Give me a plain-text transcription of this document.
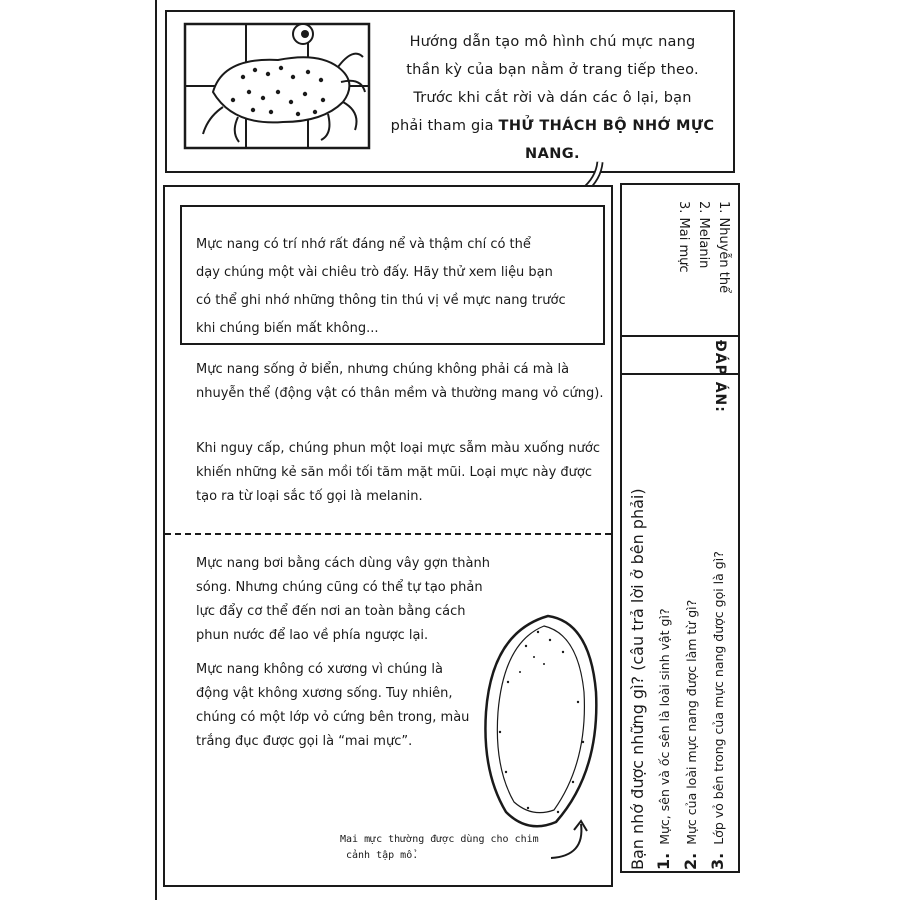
Hướng dẫn tạo mô hình chú mực nang
thần kỳ của bạn nằm ở trang tiếp theo.
Trước khi cắt rời và dán các ô lại, bạn
phải tham gia THỬ THÁCH BỘ NHỚ MỰC NANG.
Mực nang có trí nhớ rất đáng nể và thậm chí có thể
dạy chúng một vài chiêu trò đấy. Hãy thử xem liệu bạn
có thể ghi nhớ những thông tin thú vị về mực nang trước
khi chúng biến mất không...
Mực nang sống ở biển, nhưng chúng không phải cá mà là nhuyễn thể (động vật có thân mềm và thường mang vỏ cứng).
Khi nguy cấp, chúng phun một loại mực sẫm màu xuống nước khiến những kẻ săn mồi tối tăm mặt mũi. Loại mực này được tạo ra từ loại sắc tố gọi là melanin.
Mực nang bơi bằng cách dùng vây gợn thành sóng. Nhưng chúng cũng có thể tự tạo phản lực đẩy cơ thể đến nơi an toàn bằng cách phun nước để lao về phía ngược lại.
Mực nang không có xương vì chúng là động vật không xương sống. Tuy nhiên, chúng có một lớp vỏ cứng bên trong, màu trắng đục được gọi là “mai mực”.
Mai mực thường được dùng cho chim
cảnh tập mổ.
1. Nhuyễn thể
2. Melanin
3. Mai mực
ĐÁP ÁN:
Bạn nhớ được những gì? (câu trả lời ở bên phải) 1.Mực, sên và ốc sên là loài sinh vật gì?
2.Mực của loài mực nang được làm từ gì?
3.Lớp vỏ bên trong của mực nang được gọi là gì?
